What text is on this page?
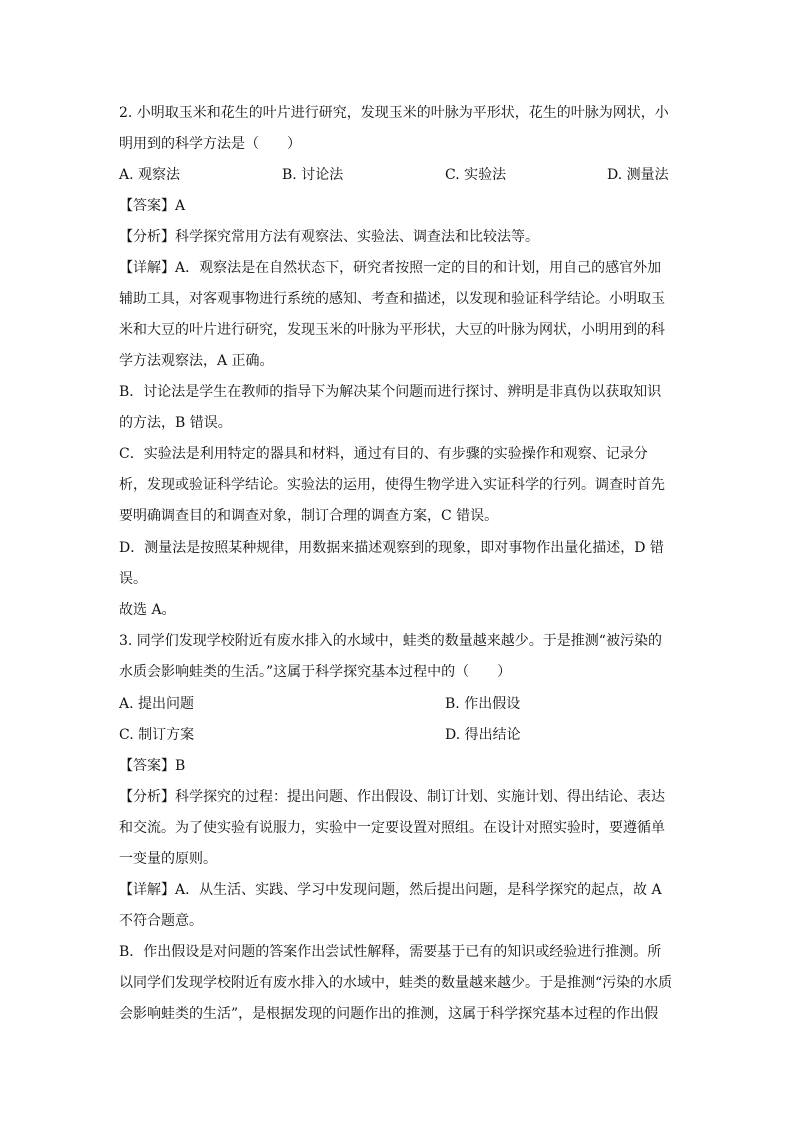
2. 小明取玉米和花生的叶片进行研究，发现玉米的叶脉为平形状，花生的叶脉为网状，小
明用到的科学方法是（　　）
A. 观察法	B. 讨论法	C. 实验法	D. 测量法
【答案】A
【分析】科学探究常用方法有观察法、实验法、调查法和比较法等。
【详解】A．观察法是在自然状态下，研究者按照一定的目的和计划，用自己的感官外加
辅助工具，对客观事物进行系统的感知、考查和描述，以发现和验证科学结论。小明取玉
米和大豆的叶片进行研究，发现玉米的叶脉为平形状，大豆的叶脉为网状，小明用到的科
学方法观察法，A 正确。
B．讨论法是学生在教师的指导下为解决某个问题而进行探讨、辨明是非真伪以获取知识
的方法，B 错误。
C．实验法是利用特定的器具和材料，通过有目的、有步骤的实验操作和观察、记录分
析，发现或验证科学结论。实验法的运用，使得生物学进入实证科学的行列。调查时首先
要明确调查目的和调查对象，制订合理的调查方案，C 错误。
D．测量法是按照某种规律，用数据来描述观察到的现象，即对事物作出量化描述，D 错
误。
故选 A。
3. 同学们发现学校附近有废水排入的水域中，蛙类的数量越来越少。于是推测“被污染的
水质会影响蛙类的生活。”这属于科学探究基本过程中的（　　）
A. 提出问题	B. 作出假设
C. 制订方案	D. 得出结论
【答案】B
【分析】科学探究的过程：提出问题、作出假设、制订计划、实施计划、得出结论、表达
和交流。为了使实验有说服力，实验中一定要设置对照组。在设计对照实验时，要遵循单
一变量的原则。
【详解】A．从生活、实践、学习中发现问题，然后提出问题，是科学探究的起点，故 A
不符合题意。
B．作出假设是对问题的答案作出尝试性解释，需要基于已有的知识或经验进行推测。所
以同学们发现学校附近有废水排入的水域中，蛙类的数量越来越少。于是推测“污染的水质
会影响蛙类的生活”，是根据发现的问题作出的推测，这属于科学探究基本过程的作出假
